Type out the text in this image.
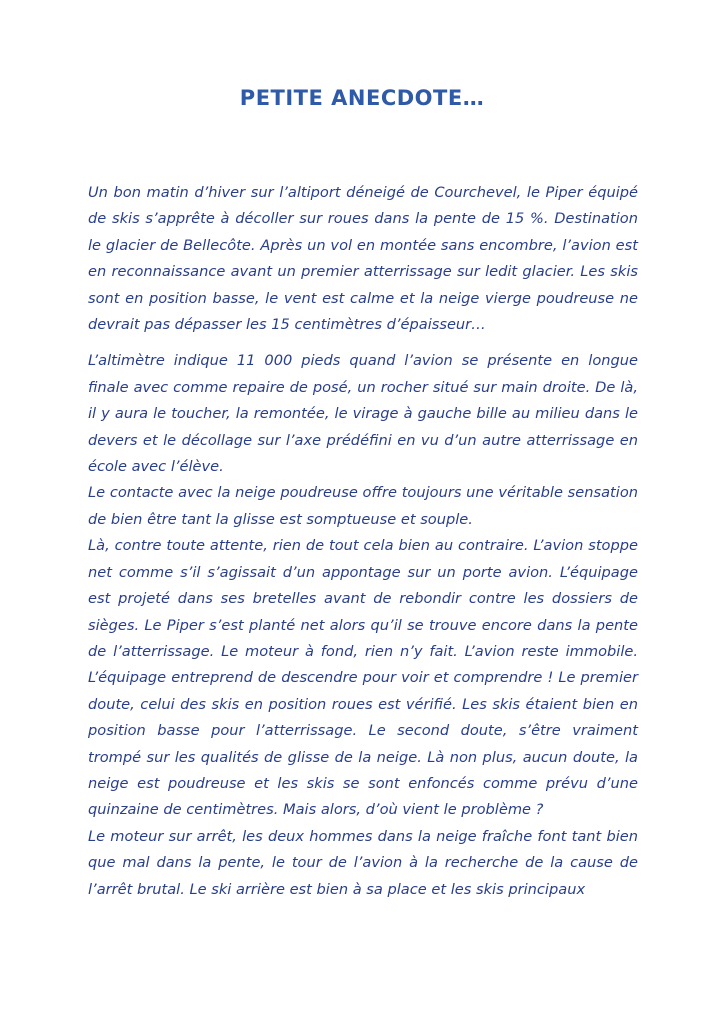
PETITE ANECDOTE…

Un bon matin d’hiver sur l’altiport déneigé de Courchevel, le Piper équipé de skis s’apprête à décoller sur roues dans la pente de 15 %. Destination le glacier de Bellecôte. Après un vol en montée sans encombre, l’avion est en reconnaissance avant un premier atterrissage sur ledit glacier. Les skis sont en position basse, le vent est calme et la neige vierge poudreuse ne devrait pas dépasser les 15 centimètres d’épaisseur…

L’altimètre indique 11 000 pieds quand l’avion se présente en longue finale avec comme repaire de posé, un rocher situé sur main droite. De là, il y aura le toucher, la remontée, le virage à gauche bille au milieu dans le devers et le décollage sur l’axe prédéfini en vu d’un autre atterrissage en école avec l’élève.

Le contacte avec la neige poudreuse offre toujours une véritable sensation de bien être tant la glisse est somptueuse et souple.

Là, contre toute attente, rien de tout cela bien au contraire. L’avion stoppe net comme s’il s’agissait d’un appontage sur un porte avion. L’équipage est projeté dans ses bretelles avant de rebondir contre les dossiers de sièges. Le Piper s’est planté net alors qu’il se trouve encore dans la pente de l’atterrissage. Le moteur à fond, rien n’y fait. L’avion reste immobile. L’équipage entreprend de descendre pour voir et comprendre ! Le premier doute, celui des skis en position roues est vérifié. Les skis étaient bien en position basse pour l’atterrissage. Le second doute, s’être vraiment trompé sur les qualités de glisse de la neige. Là non plus, aucun doute, la neige est poudreuse et les skis se sont enfoncés comme prévu d’une quinzaine de centimètres. Mais alors, d’où vient le problème ?

Le moteur sur arrêt, les deux hommes dans la neige fraîche font tant bien que mal dans la pente, le tour de l’avion à la recherche de la cause de l’arrêt brutal. Le ski arrière est bien à sa place et les skis principaux
